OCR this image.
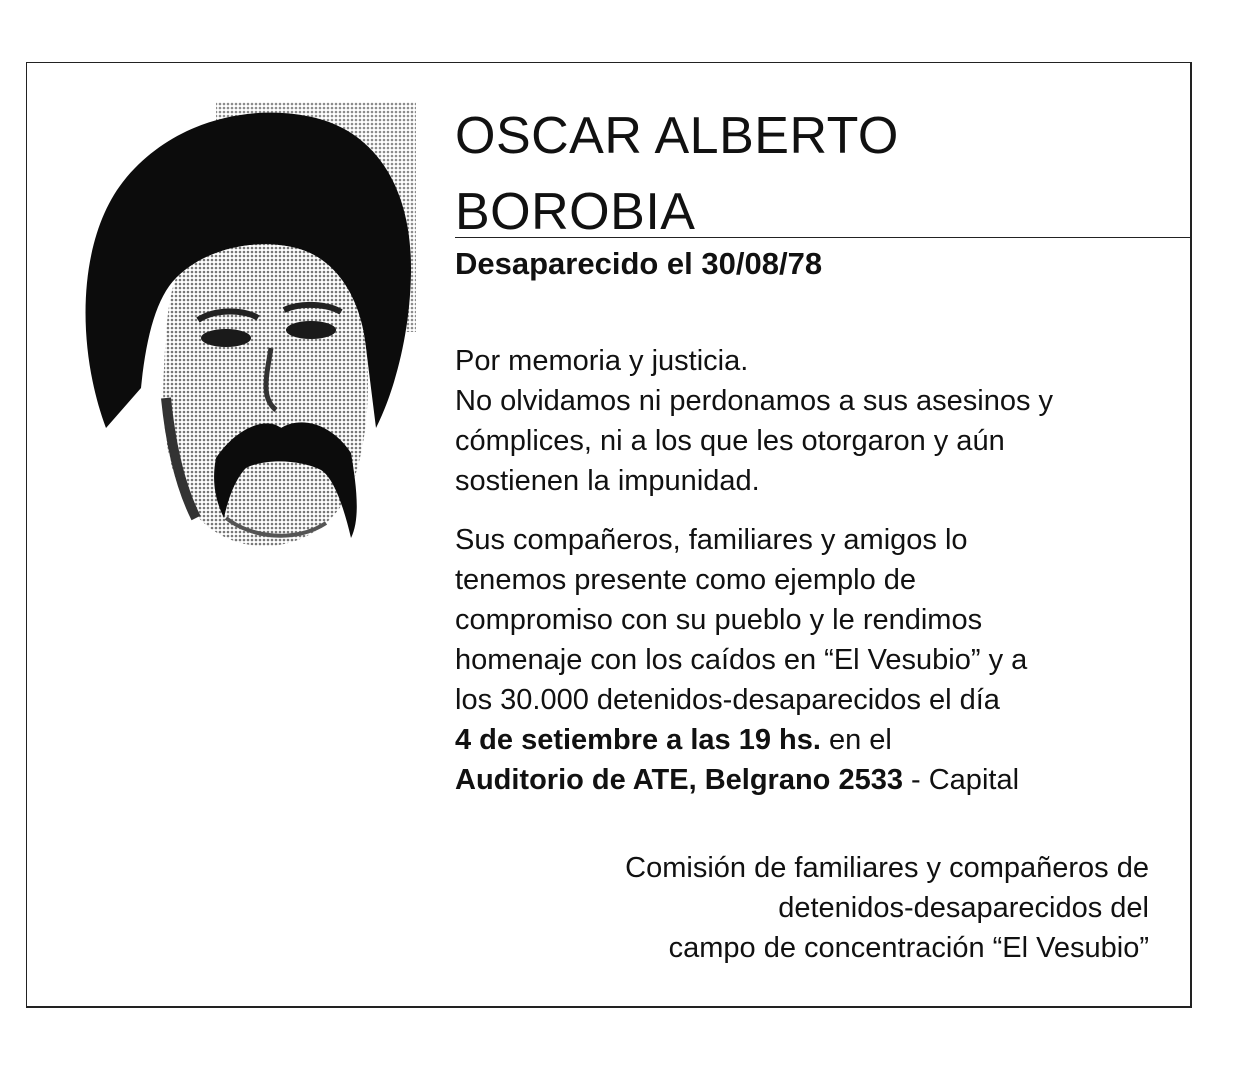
OSCAR ALBERTO
BOROBIA
Desaparecido el 30/08/78

Por memoria y justicia.
No olvidamos ni perdonamos a sus asesinos y
cómplices, ni a los que les otorgaron y aún
sostienen la impunidad.

Sus compañeros, familiares y amigos lo
tenemos presente como ejemplo de
compromiso con su pueblo y le rendimos
homenaje con los caídos en “El Vesubio” y a
los 30.000 detenidos-desaparecidos el día
4 de setiembre a las 19 hs. en el
Auditorio de ATE, Belgrano 2533 - Capital

Comisión de familiares y compañeros de
detenidos-desaparecidos del
campo de concentración “El Vesubio”
